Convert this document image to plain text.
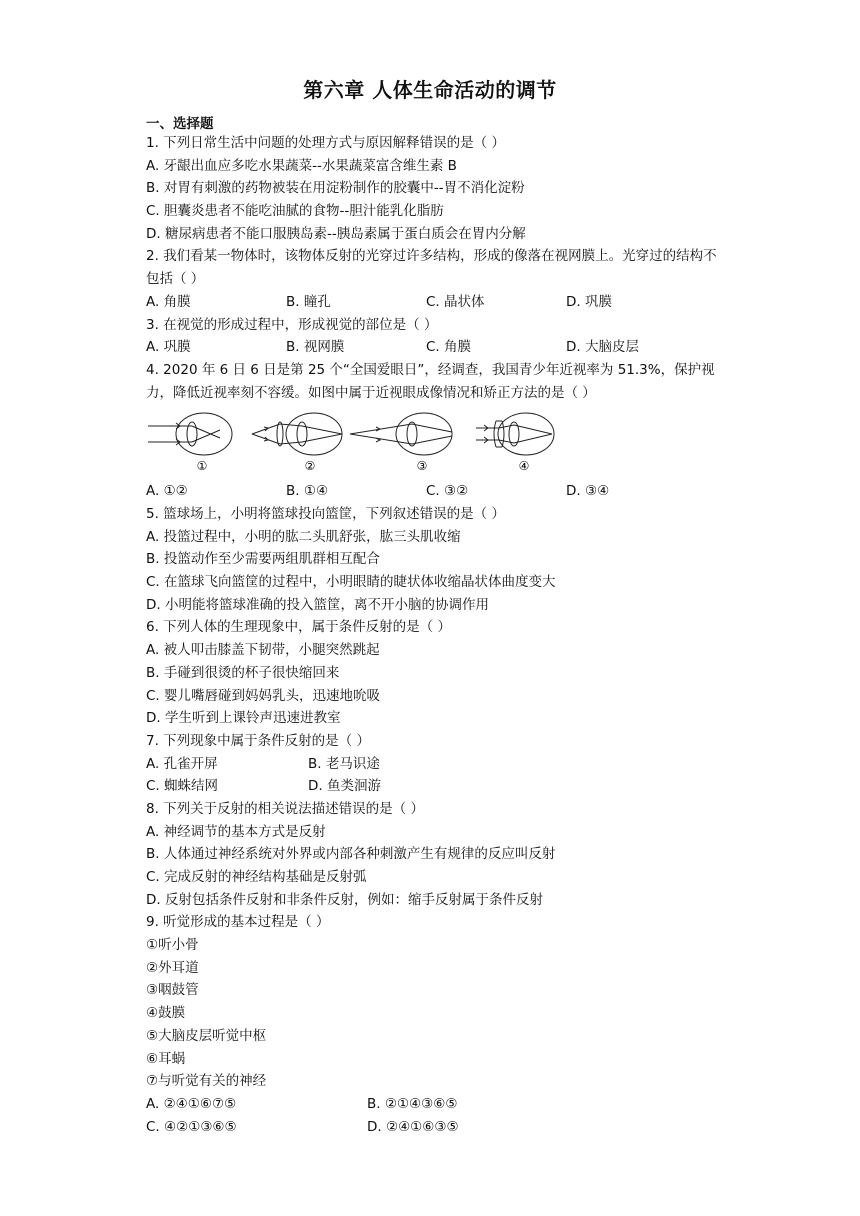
第六章 人体生命活动的调节
一、选择题
1. 下列日常生活中问题的处理方式与原因解释错误的是（ ）
A. 牙龈出血应多吃水果蔬菜--水果蔬菜富含维生素 B
B. 对胃有刺激的药物被装在用淀粉制作的胶囊中--胃不消化淀粉
C. 胆囊炎患者不能吃油腻的食物--胆汁能乳化脂肪
D. 糖尿病患者不能口服胰岛素--胰岛素属于蛋白质会在胃内分解
2. 我们看某一物体时，该物体反射的光穿过许多结构，形成的像落在视网膜上。光穿过的结构不包括（ ）
A. 角膜	B. 瞳孔	C. 晶状体	D. 巩膜
3. 在视觉的形成过程中，形成视觉的部位是（ ）
A. 巩膜	B. 视网膜	C. 角膜	D. 大脑皮层
4. 2020 年 6 日 6 日是第 25 个“全国爱眼日”，经调查，我国青少年近视率为 51.3%，保护视力，降低近视率刻不容缓。如图中属于近视眼成像情况和矫正方法的是（ ）
①	②	③	④
A. ①②	B. ①④	C. ③②	D. ③④
5. 篮球场上，小明将篮球投向篮筐，下列叙述错误的是（ ）
A. 投篮过程中，小明的肱二头肌舒张，肱三头肌收缩
B. 投篮动作至少需要两组肌群相互配合
C. 在篮球飞向篮筐的过程中，小明眼睛的睫状体收缩晶状体曲度变大
D. 小明能将篮球准确的投入篮筐，离不开小脑的协调作用
6. 下列人体的生理现象中，属于条件反射的是（ ）
A. 被人叩击膝盖下韧带，小腿突然跳起
B. 手碰到很烫的杯子很快缩回来
C. 婴儿嘴唇碰到妈妈乳头，迅速地吮吸
D. 学生听到上课铃声迅速进教室
7. 下列现象中属于条件反射的是（ ）
A. 孔雀开屏	B. 老马识途
C. 蜘蛛结网	D. 鱼类洄游
8. 下列关于反射的相关说法描述错误的是（ ）
A. 神经调节的基本方式是反射
B. 人体通过神经系统对外界或内部各种刺激产生有规律的反应叫反射
C. 完成反射的神经结构基础是反射弧
D. 反射包括条件反射和非条件反射，例如：缩手反射属于条件反射
9. 听觉形成的基本过程是（ ）
①听小骨
②外耳道
③咽鼓管
④鼓膜
⑤大脑皮层听觉中枢
⑥耳蜗
⑦与听觉有关的神经
A. ②④①⑥⑦⑤	B. ②①④③⑥⑤
C. ④②①③⑥⑤	D. ②④①⑥③⑤
